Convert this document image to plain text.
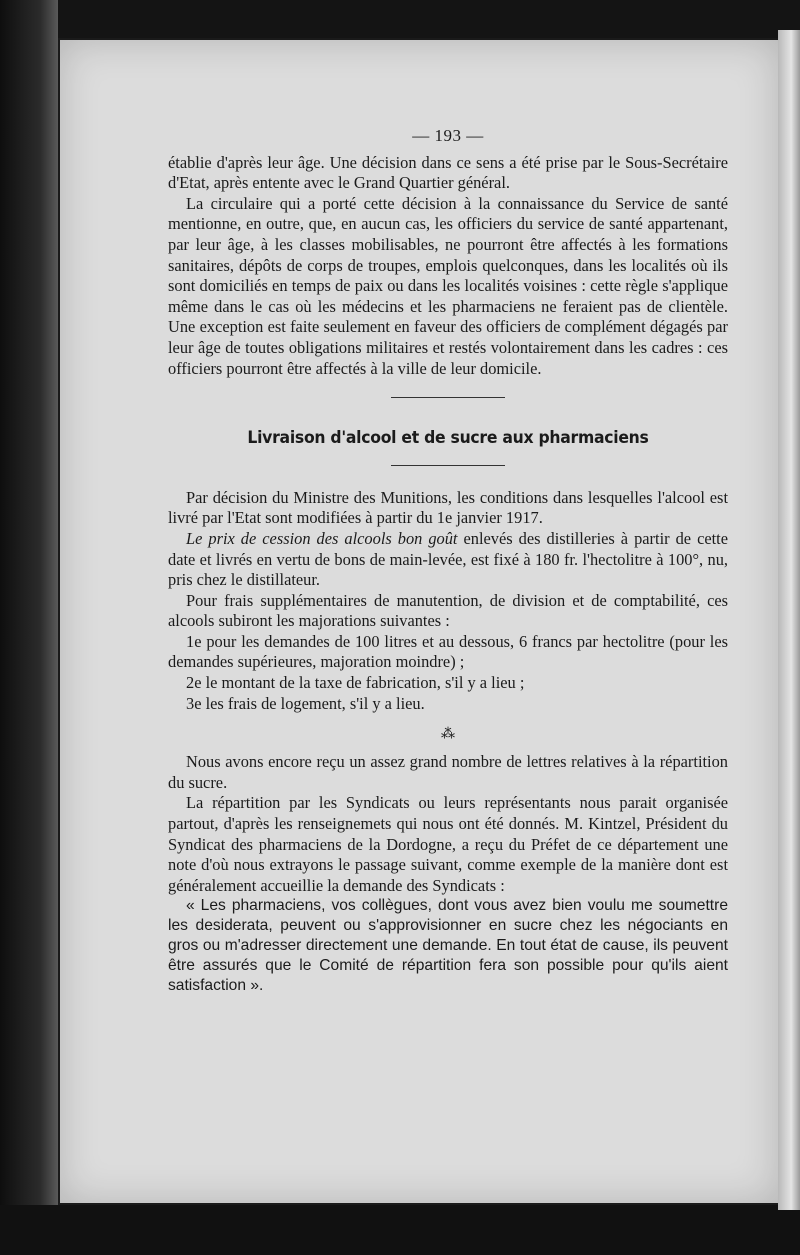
— 193 —

établie d'après leur âge. Une décision dans ce sens a été prise par le Sous-Secrétaire d'Etat, après entente avec le Grand Quartier général.

La circulaire qui a porté cette décision à la connaissance du Service de santé mentionne, en outre, que, en aucun cas, les officiers du service de santé appartenant, par leur âge, à les classes mobilisables, ne pourront être affectés à les formations sanitaires, dépôts de corps de troupes, emplois quelconques, dans les localités où ils sont domiciliés en temps de paix ou dans les localités voisines : cette règle s'applique même dans le cas où les médecins et les pharmaciens ne feraient pas de clientèle. Une exception est faite seulement en faveur des officiers de complément dégagés par leur âge de toutes obligations militaires et restés volontairement dans les cadres : ces officiers pourront être affectés à la ville de leur domicile.

Livraison d'alcool et de sucre aux pharmaciens

Par décision du Ministre des Munitions, les conditions dans lesquelles l'alcool est livré par l'Etat sont modifiées à partir du 1e janvier 1917.

Le prix de cession des alcools bon goût enlevés des distilleries à partir de cette date et livrés en vertu de bons de main-levée, est fixé à 180 fr. l'hectolitre à 100°, nu, pris chez le distillateur.

Pour frais supplémentaires de manutention, de division et de comptabilité, ces alcools subiront les majorations suivantes :

1e pour les demandes de 100 litres et au dessous, 6 francs par hectolitre (pour les demandes supérieures, majoration moindre) ;

2e le montant de la taxe de fabrication, s'il y a lieu ;

3e les frais de logement, s'il y a lieu.

⁂

Nous avons encore reçu un assez grand nombre de lettres relatives à la répartition du sucre.

La répartition par les Syndicats ou leurs représentants nous parait organisée partout, d'après les renseignemets qui nous ont été donnés. M. Kintzel, Président du Syndicat des pharmaciens de la Dordogne, a reçu du Préfet de ce département une note d'où nous extrayons le passage suivant, comme exemple de la manière dont est généralement accueillie la demande des Syndicats :

« Les pharmaciens, vos collègues, dont vous avez bien voulu me soumettre les desiderata, peuvent ou s'approvisionner en sucre chez les négociants en gros ou m'adresser directement une demande. En tout état de cause, ils peuvent être assurés que le Comité de répartition fera son possible pour qu'ils aient satisfaction ».
